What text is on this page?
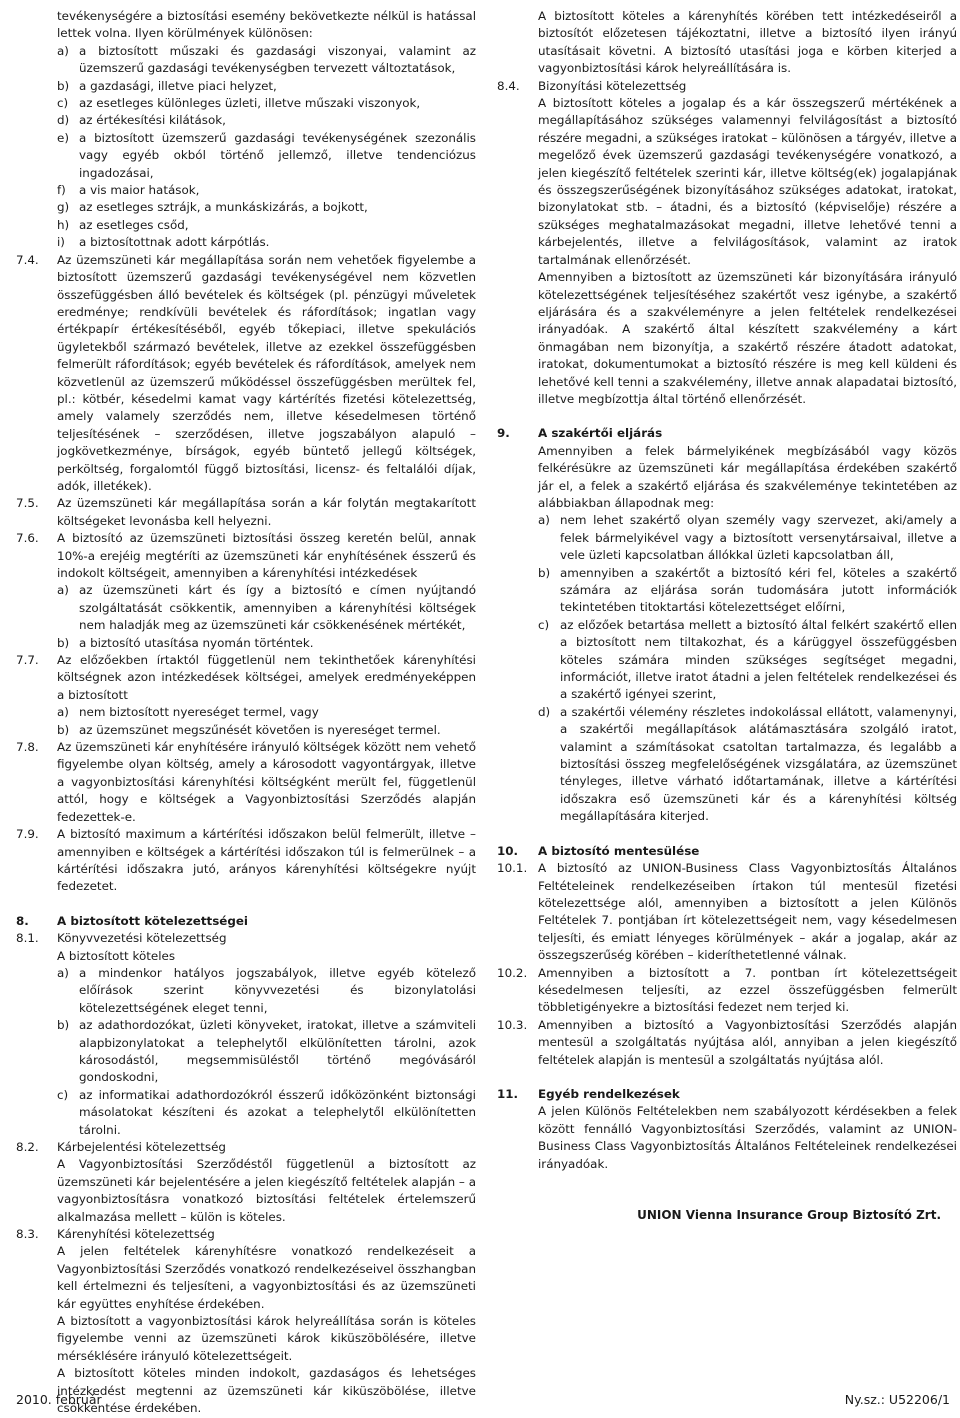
tevékenységére a biztosítási esemény bekövetkezte nélkül is hatással lettek volna. Ilyen körülmények különösen:

a) a biztosított műszaki és gazdasági viszonyai, valamint az üzemszerű gazdasági tevékenységben tervezett változtatások,
b) a gazdasági, illetve piaci helyzet,
c) az esetleges különleges üzleti, illetve műszaki viszonyok,
d) az értékesítési kilátások,
e) a biztosított üzemszerű gazdasági tevékenységének szezonális vagy egyéb okból történő jellemző, illetve tendenciózus ingadozásai,
f)	a vis maior hatások,
g) az esetleges sztrájk, a munkáskizárás, a bojkott,
h) az esetleges csőd,
i)	a biztosítottnak adott kárpótlás.
7.4.	Az üzemszüneti kár megállapítása során nem vehetőek figyelembe a biztosított üzemszerű gazdasági tevékenységével nem közvetlen összefüggésben álló bevételek és költségek (pl. pénzügyi műveletek eredménye; rendkívüli bevételek és ráfordítások; ingatlan vagy értékpapír értékesítéséből, egyéb tőkepiaci, illetve spekulációs ügyletekből származó bevételek, illetve az ezekkel összefüggésben felmerült ráfordítások; egyéb bevételek és ráfordítások, amelyek nem közvetlenül az üzemszerű működéssel összefüggésben merültek fel, pl.: kötbér, késedelmi kamat vagy kártérítés fizetési kötelezettség, amely valamely szerződés nem, illetve késedelmesen történő teljesítésének – szerződésen, illetve jogszabályon alapuló – jogkövetkezménye, bírságok, egyéb büntető jellegű költségek, perköltség, forgalomtól függő biztosítási, licensz- és feltalálói díjak, adók, illetékek).
7.5.	Az üzemszüneti kár megállapítása során a kár folytán megtakarított költségeket levonásba kell helyezni.
7.6.	A biztosító az üzemszüneti biztosítási összeg keretén belül, annak 10%-a erejéig megtéríti az üzemszüneti kár enyhítésének ésszerű és indokolt költségeit, amennyiben a kárenyhítési intézkedések
a) az üzemszüneti kárt és így a biztosító e címen nyújtandó szolgáltatását csökkentik, amennyiben a kárenyhítési költségek nem haladják meg az üzemszüneti kár csökkenésének mértékét,
b) a biztosító utasítása nyomán történtek.
7.7.	Az előzőekben írtaktól függetlenül nem tekinthetőek kárenyhítési költségnek azon intézkedések költségei, amelyek eredményeképpen a biztosított
a) nem biztosított nyereséget termel, vagy
b) az üzemszünet megszűnését követően is nyereséget termel.
7.8.	Az üzemszüneti kár enyhítésére irányuló költségek között nem vehető figyelembe olyan költség, amely a károsodott vagyontárgyak, illetve a vagyonbiztosítási kárenyhítési költségként merült fel, függetlenül attól, hogy e költségek a Vagyonbiztosítási Szerződés alapján fedezettek-e.
7.9.	A biztosító maximum a kártérítési időszakon belül felmerült, illetve – amennyiben e költségek a kártérítési időszakon túl is felmerülnek – a kártérítési időszakra jutó, arányos kárenyhítési költségekre nyújt fedezetet.
8.	A biztosított kötelezettségei
8.1.	Könyvvezetési kötelezettség

A biztosított köteles

a) a mindenkor hatályos jogszabályok, illetve egyéb kötelező előírások szerint könyvvezetési és bizonylatolási kötelezettségének eleget tenni,
b) az adathordozókat, üzleti könyveket, iratokat, illetve a számviteli alapbizonylatokat a telephelytől elkülönítetten tárolni, azok károsodástól, megsemmisüléstől történő megóvásáról gondoskodni,
c) az informatikai adathordozókról ésszerű időközönként biztonsági másolatokat készíteni és azokat a telephelytől elkülönítetten tárolni.
8.2.	Kárbejelentési kötelezettség

A Vagyonbiztosítási Szerződéstől függetlenül a biztosított az üzemszüneti kár bejelentésére a jelen kiegészítő feltételek alapján – a vagyonbiztosításra vonatkozó biztosítási feltételek értelemszerű alkalmazása mellett – külön is köteles.

8.3.	Kárenyhítési kötelezettség

A jelen feltételek kárenyhítésre vonatkozó rendelkezéseit a Vagyonbiztosítási Szerződés vonatkozó rendelkezéseivel összhangban kell értelmezni és teljesíteni, a vagyonbiztosítási és az üzemszüneti kár együttes enyhítése érdekében.

A biztosított a vagyonbiztosítási károk helyreállítása során is köteles figyelembe venni az üzemszüneti károk kiküszöbölésére, illetve mérséklésére irányuló kötelezettségeit.

A biztosított köteles minden indokolt, gazdaságos és lehetséges intézkedést megtenni az üzemszüneti kár kiküszöbölése, illetve csökkentése érdekében.

A biztosított köteles a kárenyhítés körében tett intézkedéseiről a biztosítót előzetesen tájékoztatni, illetve a biztosító ilyen irányú utasításait követni. A biztosító utasítási joga e körben kiterjed a vagyonbiztosítási károk helyreállítására is.

8.4.	Bizonyítási kötelezettség

A biztosított köteles a jogalap és a kár összegszerű mértékének a megállapításához szükséges valamennyi felvilágosítást a biztosító részére megadni, a szükséges iratokat – különösen a tárgyév, illetve a megelőző évek üzemszerű gazdasági tevékenységére vonatkozó, a jelen kiegészítő feltételek szerinti kár, illetve költség(ek) jogalapjának és összegszerűségének bizonyításához szükséges adatokat, iratokat, bizonylatokat stb. – átadni, és a biztosító (képviselője) részére a szükséges meghatalmazásokat megadni, illetve lehetővé tenni a kárbejelentés, illetve a felvilágosítások, valamint az iratok tartalmának ellenőrzését.

Amennyiben a biztosított az üzemszüneti kár bizonyítására irányuló kötelezettségének teljesítéséhez szakértőt vesz igénybe, a szakértő eljárására és a szakvéleményre a jelen feltételek rendelkezései irányadóak. A szakértő által készített szakvélemény a kárt önmagában nem bizonyítja, a szakértő részére átadott adatokat, iratokat, dokumentumokat a biztosító részére is meg kell küldeni és lehetővé kell tenni a szakvélemény, illetve annak alapadatai biztosító, illetve megbízottja által történő ellenőrzését.

9.	A szakértői eljárás

Amennyiben a felek bármelyikének megbízásából vagy közös felkérésükre az üzemszüneti kár megállapítása érdekében szakértő jár el, a felek a szakértő eljárása és szakvéleménye tekintetében az alábbiakban állapodnak meg:

a) nem lehet szakértő olyan személy vagy szervezet, aki/amely a felek bármelyikével vagy a biztosított versenytársaival, illetve a vele üzleti kapcsolatban állókkal üzleti kapcsolatban áll,
b) amennyiben a szakértőt a biztosító kéri fel, köteles a szakértő számára az eljárása során tudomására jutott információk tekintetében titoktartási kötelezettséget előírni,
c) az előzőek betartása mellett a biztosító által felkért szakértő ellen a biztosított nem tiltakozhat, és a kárüggyel összefüggésben köteles számára minden szükséges segítséget megadni, információt, illetve iratot átadni a jelen feltételek rendelkezései és a szakértő igényei szerint,
d) a szakértői vélemény részletes indokolással ellátott, valamenynyi, a szakértői megállapítások alátámasztására szolgáló iratot, valamint a számításokat csatoltan tartalmazza, és legalább a biztosítási összeg megfelelőségének vizsgálatára, az üzemszünet tényleges, illetve várható időtartamának, illetve a kártérítési időszakra eső üzemszüneti kár és a kárenyhítési költség megállapítására kiterjed.
10.	A biztosító mentesülése
10.1. A biztosító az UNION-Business Class Vagyonbiztosítás Általános Feltételeinek rendelkezéseiben írtakon túl mentesül fizetési kötelezettsége alól, amennyiben a biztosított a jelen Különös Feltételek 7. pontjában írt kötelezettségeit nem, vagy késedelmesen teljesíti, és emiatt lényeges körülmények – akár a jogalap, akár az összegszerűség körében – kideríthetetlenné válnak.
10.2. Amennyiben a biztosított a 7. pontban írt kötelezettségeit késedelmesen teljesíti, az ezzel összefüggésben felmerült többletigényekre a biztosítási fedezet nem terjed ki.
10.3. Amennyiben a biztosító a Vagyonbiztosítási Szerződés alapján mentesül a szolgáltatás nyújtása alól, annyiban a jelen kiegészítő feltételek alapján is mentesül a szolgáltatás nyújtása alól.
11.	Egyéb rendelkezések

A jelen Különös Feltételekben nem szabályozott kérdésekben a felek között fennálló Vagyonbiztosítási Szerződés, valamint az UNION-Business Class Vagyonbiztosítás Általános Feltételeinek rendelkezései irányadóak.

UNION Vienna Insurance Group Biztosító Zrt.

2010. február	Ny.sz.: U52206/1
